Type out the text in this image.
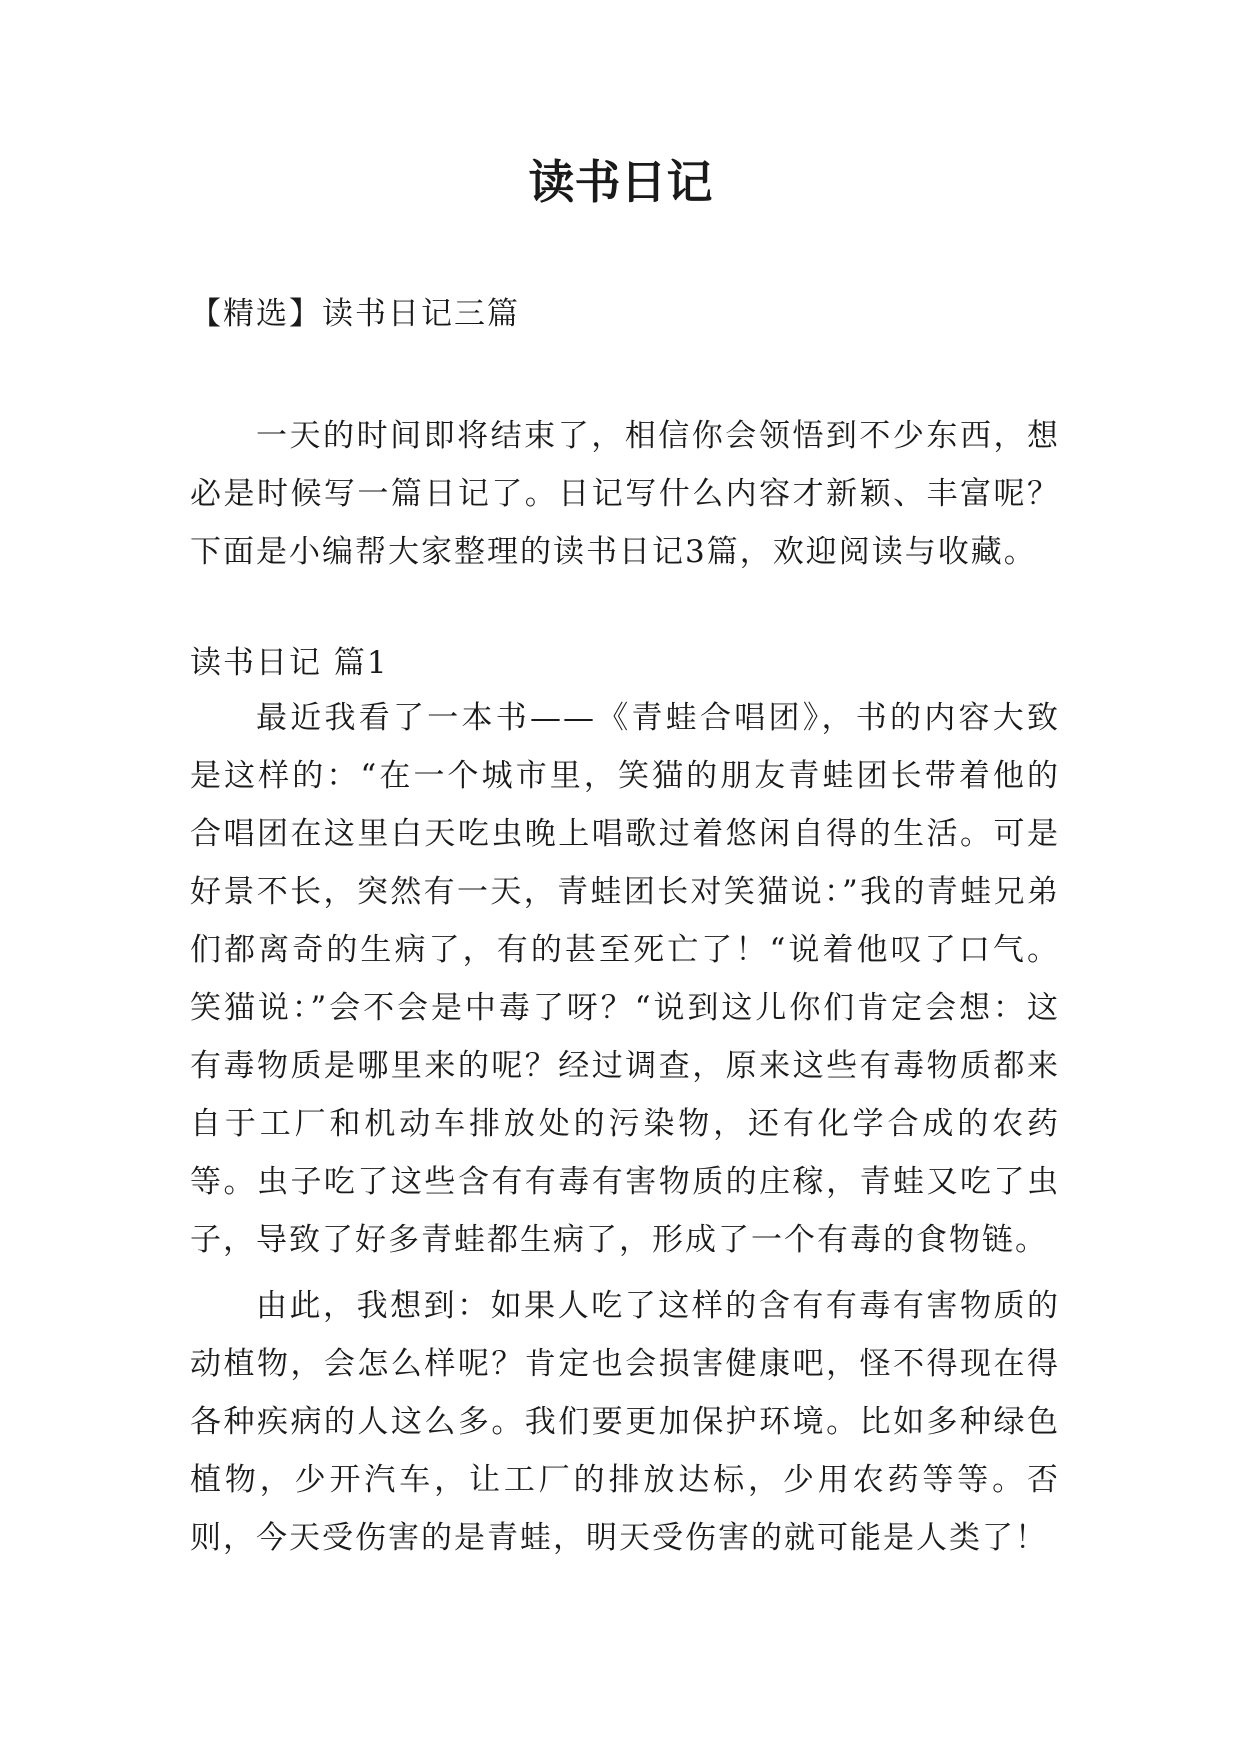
读书日记

【精选】读书日记三篇

一天的时间即将结束了，相信你会领悟到不少东西，想必是时候写一篇日记了。日记写什么内容才新颖、丰富呢？下面是小编帮大家整理的读书日记3篇，欢迎阅读与收藏。

读书日记 篇1

最近我看了一本书——《青蛙合唱团》，书的内容大致是这样的：“在一个城市里，笑猫的朋友青蛙团长带着他的合唱团在这里白天吃虫晚上唱歌过着悠闲自得的生活。可是好景不长，突然有一天，青蛙团长对笑猫说：”我的青蛙兄弟们都离奇的生病了，有的甚至死亡了！“说着他叹了口气。笑猫说：”会不会是中毒了呀？“说到这儿你们肯定会想：这有毒物质是哪里来的呢？经过调查，原来这些有毒物质都来自于工厂和机动车排放处的污染物，还有化学合成的农药等。虫子吃了这些含有有毒有害物质的庄稼，青蛙又吃了虫子，导致了好多青蛙都生病了，形成了一个有毒的食物链。

由此，我想到：如果人吃了这样的含有有毒有害物质的动植物，会怎么样呢？肯定也会损害健康吧，怪不得现在得各种疾病的人这么多。我们要更加保护环境。比如多种绿色植物，少开汽车，让工厂的排放达标，少用农药等等。否则，今天受伤害的是青蛙，明天受伤害的就可能是人类了！
